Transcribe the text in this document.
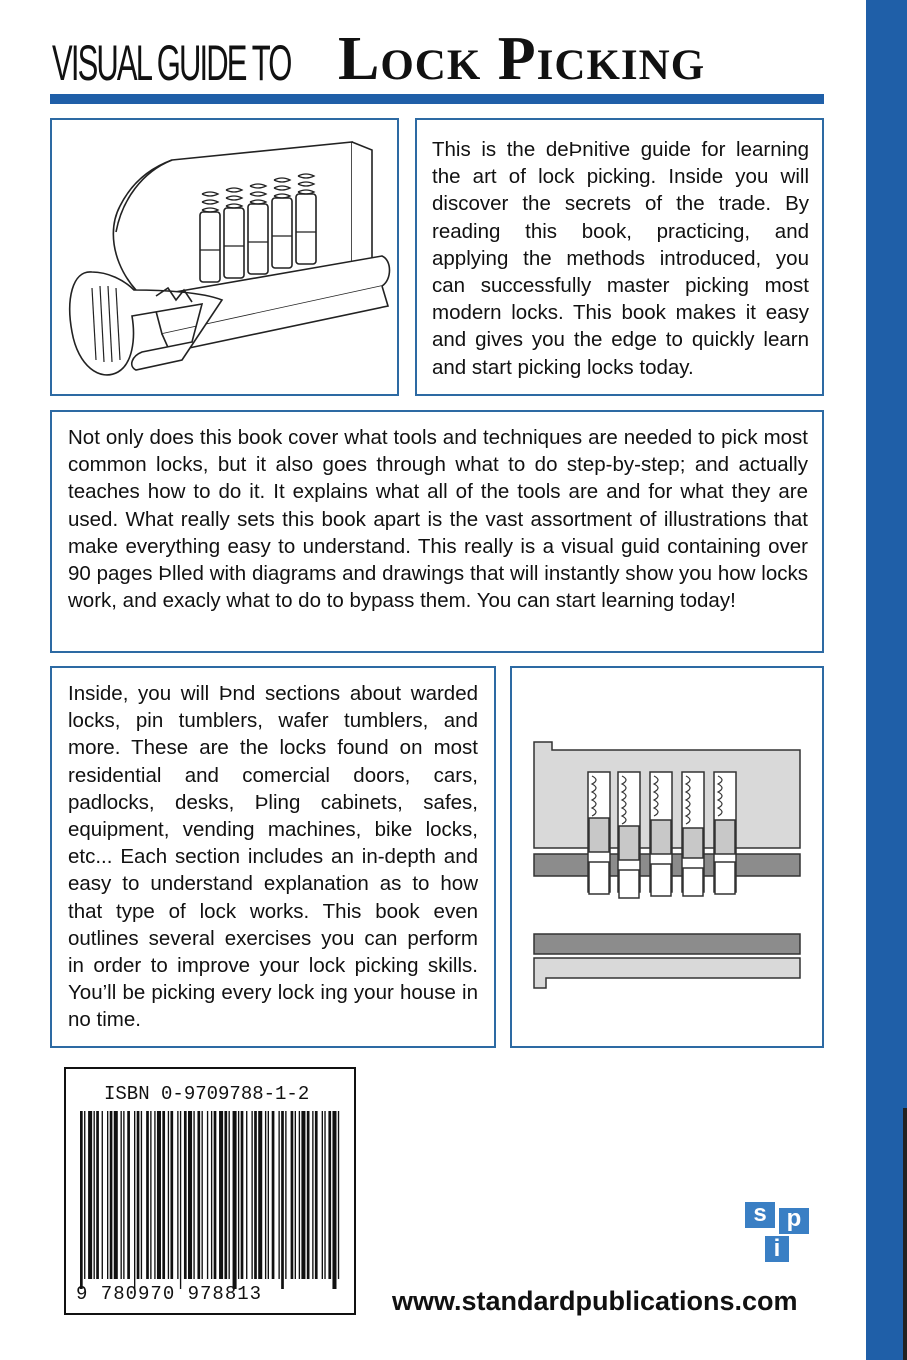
VISUAL GUIDE TO Lock Picking

This is the deÞnitive guide for learning the art of lock picking. Inside you will discover the secrets of the trade. By reading this book, practicing, and applying the methods introduced, you can successfully master picking most modern locks. This book makes it easy and gives you the edge to quickly learn and start picking locks today.

Not only does this book cover what tools and techniques are needed to pick most common locks, but it also goes through what to do step-by-step; and actually teaches how to do it. It explains what all of the tools are and for what they are used. What really sets this book apart is the vast assortment of illustrations that make everything easy to understand. This really is a visual guid containing over 90 pages Þlled with diagrams and drawings that will instantly show you how locks work, and exacly what to do to bypass them. You can start learning today!

Inside, you will Þnd sections about warded locks, pin tumblers, wafer tumblers, and more. These are the locks found on most residential and comercial doors, cars, padlocks, desks, Þling cabinets, safes, equipment, vending machines, bike locks, etc... Each section includes an in-depth and easy to understand explanation as to how that type of lock works. This book even outlines several exercises you can perform in order to improve your lock picking skills. You’ll be picking every lock ing your house in no time.

ISBN 0-9709788-1-2
9 780970 978813
s p
i
www.standardpublications.com
